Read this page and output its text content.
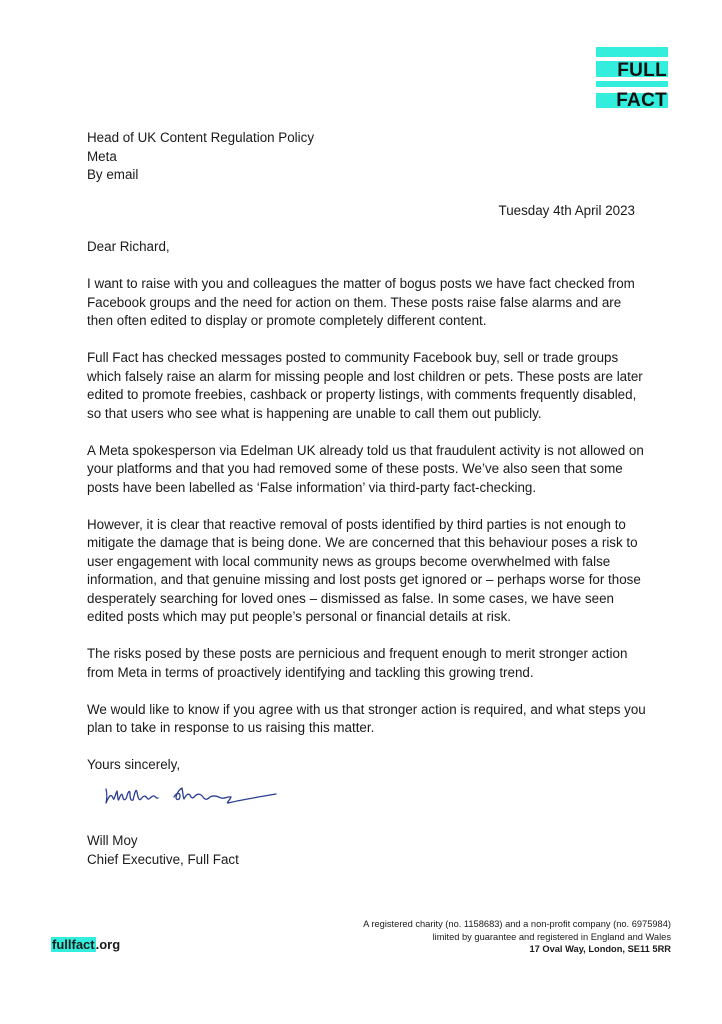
FULL
FACT
Head of UK Content Regulation Policy
Meta
By email
Tuesday 4th April 2023

Dear Richard,

I want to raise with you and colleagues the matter of bogus posts we have fact checked from Facebook groups and the need for action on them. These posts raise false alarms and are then often edited to display or promote completely different content.

Full Fact has checked messages posted to community Facebook buy, sell or trade groups which falsely raise an alarm for missing people and lost children or pets. These posts are later edited to promote freebies, cashback or property listings, with comments frequently disabled, so that users who see what is happening are unable to call them out publicly.

A Meta spokesperson via Edelman UK already told us that fraudulent activity is not allowed on your platforms and that you had removed some of these posts. We’ve also seen that some posts have been labelled as ‘False information’ via third-party fact-checking.

However, it is clear that reactive removal of posts identified by third parties is not enough to mitigate the damage that is being done. We are concerned that this behaviour poses a risk to user engagement with local community news as groups become overwhelmed with false information, and that genuine missing and lost posts get ignored or – perhaps worse for those desperately searching for loved ones – dismissed as false. In some cases, we have seen edited posts which may put people’s personal or financial details at risk.

The risks posed by these posts are pernicious and frequent enough to merit stronger action from Meta in terms of proactively identifying and tackling this growing trend.

We would like to know if you agree with us that stronger action is required, and what steps you plan to take in response to us raising this matter.

Yours sincerely,

Will Moy
Chief Executive, Full Fact
fullfact.org
A registered charity (no. 1158683) and a non-profit company (no. 6975984)
limited by guarantee and registered in England and Wales
17 Oval Way, London, SE11 5RR
